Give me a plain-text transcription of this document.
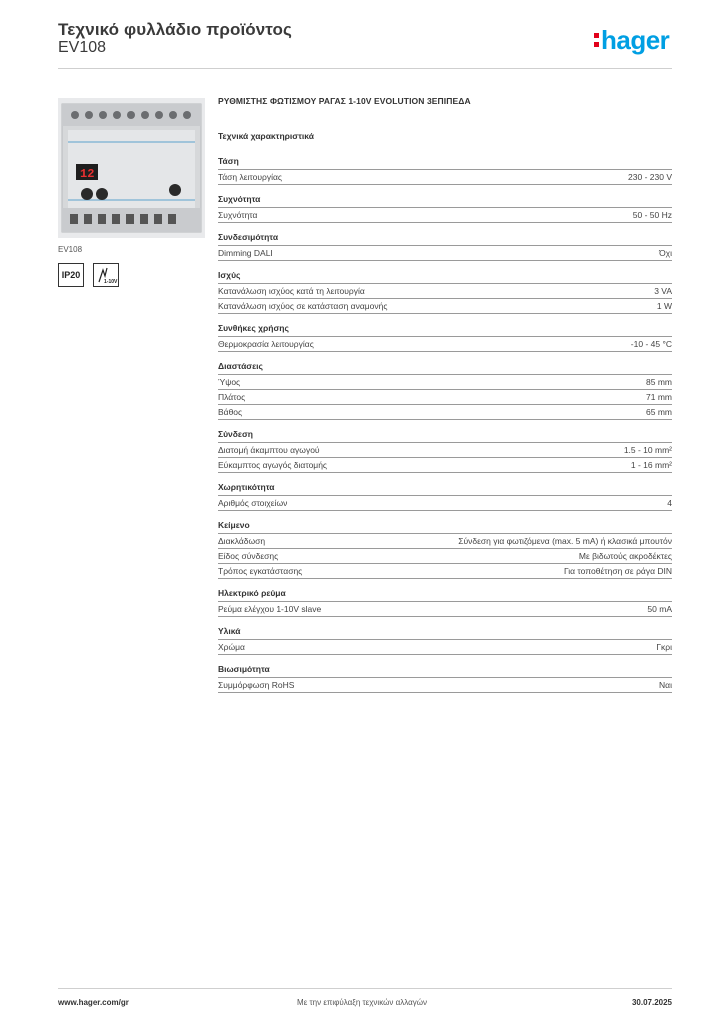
Τεχνικό φυλλάδιο προϊόντος
EV108	hager
12
EV108
IP20
1-10V
ΡΥΘΜΙΣΤΗΣ ΦΩΤΙΣΜΟΥ ΡΑΓΑΣ 1-10V EVOLUTION 3ΕΠΙΠΕΔΑ
Τεχνικά χαρακτηριστικά
Τάση
Τάση λειτουργίας	230 - 230 V
Συχνότητα
Συχνότητα	50 - 50 Hz
Συνδεσιμότητα
Dimming DALI	Όχι
Ισχύς
Κατανάλωση ισχύος κατά τη λειτουργία	3 VA
Κατανάλωση ισχύος σε κατάσταση αναμονής	1 W
Συνθήκες χρήσης
Θερμοκρασία λειτουργίας	-10 - 45 °C
Διαστάσεις
Ύψος	85 mm
Πλάτος	71 mm
Βάθος	65 mm
Σύνδεση
Διατομή άκαμπτου αγωγού	1.5 - 10 mm²
Εύκαμπτος αγωγός διατομής	1 - 16 mm²
Χωρητικότητα
Αριθμός στοιχείων	4
Κείμενο
Διακλάδωση	Σύνδεση για φωτιζόμενα (max. 5 mA) ή κλασικά μπουτόν
Είδος σύνδεσης	Με βιδωτούς ακροδέκτες
Τρόπος εγκατάστασης	Για τοποθέτηση σε ράγα DIN
Ηλεκτρικό ρεύμα
Ρεύμα ελέγχου 1-10V slave	50 mA
Υλικά
Χρώμα	Γκρι
Βιωσιμότητα
Συμμόρφωση RoHS	Ναι
www.hager.com/gr	Με την επιφύλαξη τεχνικών αλλαγών	30.07.2025
